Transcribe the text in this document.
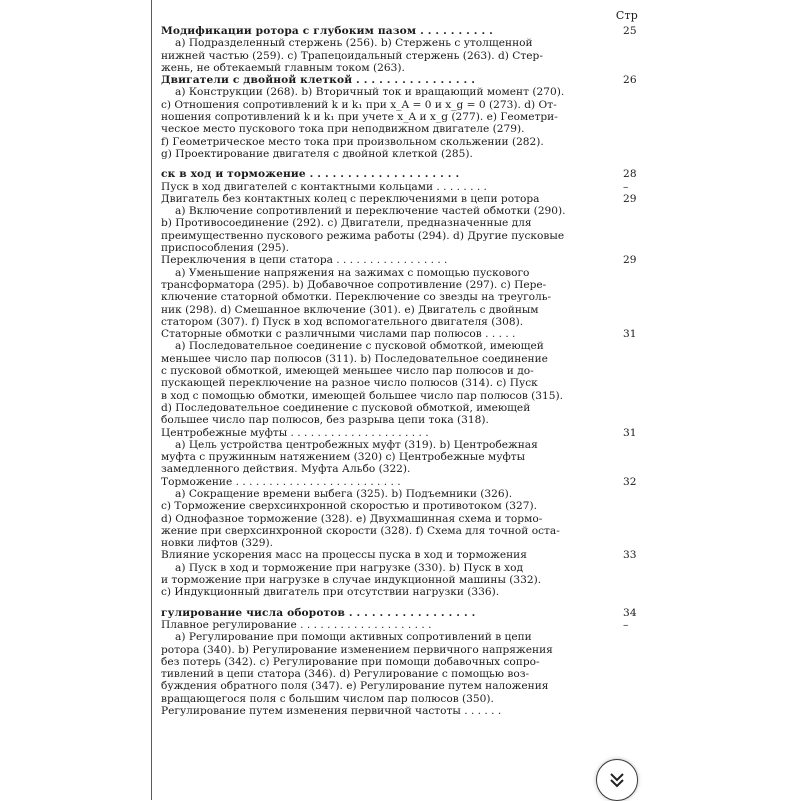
Стр
Модификации ротора с глубоким пазом . . . . . . . . . .	25
a) Подразделенный стержень (256). b) Стержень с утолщенной
нижней частью (259). c) Трапецоидальный стержень (263). d) Стер-
жень, не обтекаемый главным током (263).
Двигатели с двойной клеткой . . . . . . . . . . . . . . . .	26
a) Конструкции (268). b) Вторичный ток и вращающий момент (270).
c) Отношения сопротивлений k и k₁ при x_A = 0 и x_g = 0 (273). d) От-
ношения сопротивлений k и k₁ при учете x_A и x_g (277). e) Геометри-
ческое место пускового тока при неподвижном двигателе (279).
f) Геометрическое место тока при произвольном скольжении (282).
g) Проектирование двигателя с двойной клеткой (285).
ск в ход и торможение . . . . . . . . . . . . . . . . . . . .	28
Пуск в ход двигателей с контактными кольцами . . . . . . . .	–
Двигатель без контактных колец с переключениями в цепи ротора	29
a) Включение сопротивлений и переключение частей обмотки (290).
b) Противосоединение (292). c) Двигатели, предназначенные для
преимущественно пускового режима работы (294). d) Другие пусковые
приспособления (295).
Переключения в цепи статора . . . . . . . . . . . . . . . . .	29
a) Уменьшение напряжения на зажимах с помощью пускового
трансформатора (295). b) Добавочное сопротивление (297). c) Пере-
ключение статорной обмотки. Переключение со звезды на треуголь-
ник (298). d) Смешанное включение (301). e) Двигатель с двойным
статором (307). f) Пуск в ход вспомогательного двигателя (308).
Статорные обмотки с различными числами пар полюсов . . . . .	31
a) Последовательное соединение с пусковой обмоткой, имеющей
меньшее число пар полюсов (311). b) Последовательное соединение
с пусковой обмоткой, имеющей меньшее число пар полюсов и до-
пускающей переключение на разное число полюсов (314). c) Пуск
в ход с помощью обмотки, имеющей большее число пар полюсов (315).
d) Последовательное соединение с пусковой обмоткой, имеющей
большее число пар полюсов, без разрыва цепи тока (318).
Центробежные муфты . . . . . . . . . . . . . . . . . . . . .	31
a) Цель устройства центробежных муфт (319). b) Центробежная
муфта с пружинным натяжением (320) c) Центробежные муфты
замедленного действия. Муфта Альбо (322).
Торможение . . . . . . . . . . . . . . . . . . . . . . . . .	32
a) Сокращение времени выбега (325). b) Подъемники (326).
c) Торможение сверхсинхронной скоростью и противотоком (327).
d) Однофазное торможение (328). e) Двухмашинная схема и тормо-
жение при сверхсинхронной скорости (328). f) Схема для точной оста-
новки лифтов (329).
Влияние ускорения масс на процессы пуска в ход и торможения	33
a) Пуск в ход и торможение при нагрузке (330). b) Пуск в ход
и торможение при нагрузке в случае индукционной машины (332).
c) Индукционный двигатель при отсутствии нагрузки (336).
гулирование числа оборотов . . . . . . . . . . . . . . . . .	34
Плавное регулирование . . . . . . . . . . . . . . . . . . . .	–
a) Регулирование при помощи активных сопротивлений в цепи
ротора (340). b) Регулирование изменением первичного напряжения
без потерь (342). c) Регулирование при помощи добавочных сопро-
тивлений в цепи статора (346). d) Регулирование с помощью воз-
буждения обратного поля (347). e) Регулирование путем наложения
вращающегося поля с большим числом пар полюсов (350).
Регулирование путем изменения первичной частоты . . . . . .
